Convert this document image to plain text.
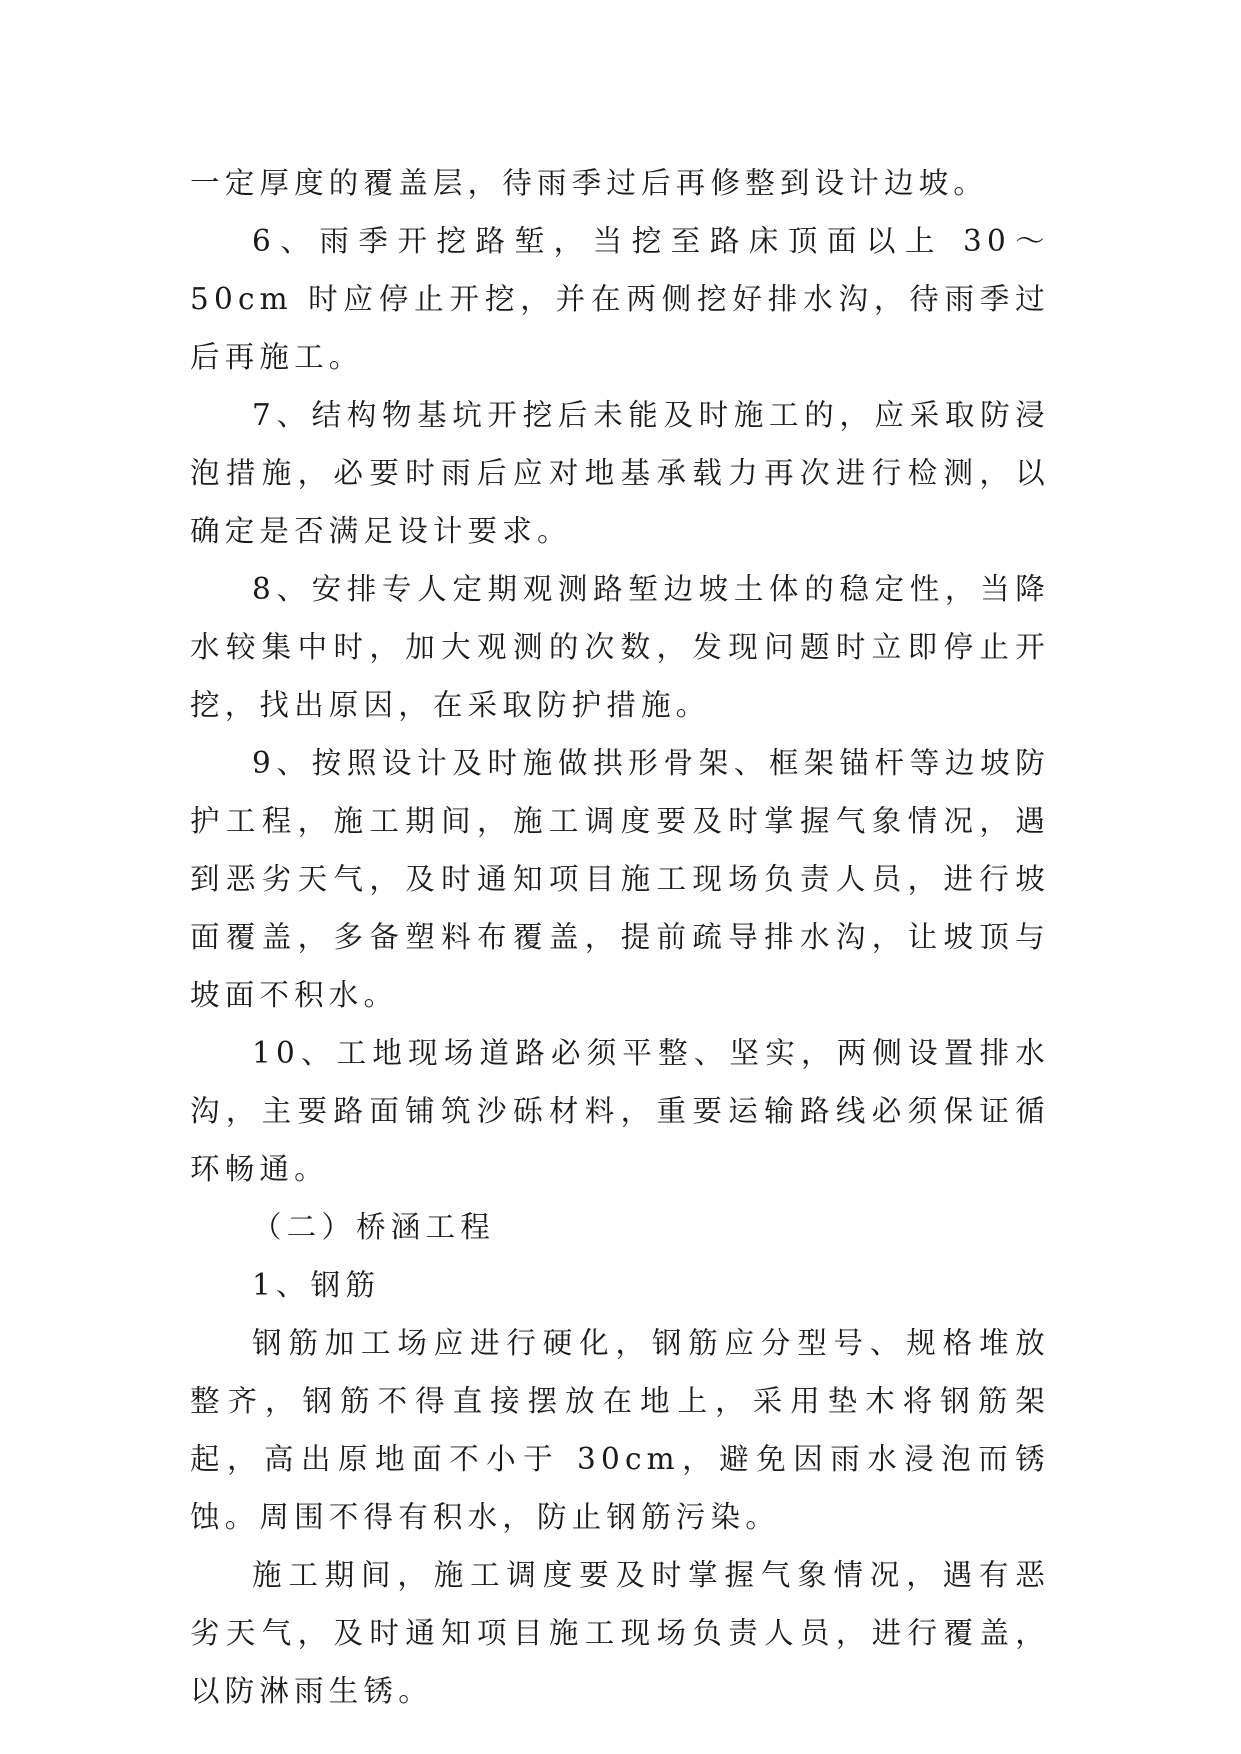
一定厚度的覆盖层，待雨季过后再修整到设计边坡。

6、雨季开挖路堑，当挖至路床顶面以上 30～50cm 时应停止开挖，并在两侧挖好排水沟，待雨季过后再施工。

7、结构物基坑开挖后未能及时施工的，应采取防浸泡措施，必要时雨后应对地基承载力再次进行检测，以确定是否满足设计要求。

8、安排专人定期观测路堑边坡土体的稳定性，当降水较集中时，加大观测的次数，发现问题时立即停止开挖，找出原因，在采取防护措施。

9、按照设计及时施做拱形骨架、框架锚杆等边坡防护工程，施工期间，施工调度要及时掌握气象情况，遇到恶劣天气，及时通知项目施工现场负责人员，进行坡面覆盖，多备塑料布覆盖，提前疏导排水沟，让坡顶与坡面不积水。

10、工地现场道路必须平整、坚实，两侧设置排水沟，主要路面铺筑沙砾材料，重要运输路线必须保证循环畅通。

（二）桥涵工程

1、钢筋

钢筋加工场应进行硬化，钢筋应分型号、规格堆放整齐，钢筋不得直接摆放在地上，采用垫木将钢筋架起，高出原地面不小于 30cm，避免因雨水浸泡而锈蚀。周围不得有积水，防止钢筋污染。

施工期间，施工调度要及时掌握气象情况，遇有恶劣天气，及时通知项目施工现场负责人员，进行覆盖，以防淋雨生锈。
